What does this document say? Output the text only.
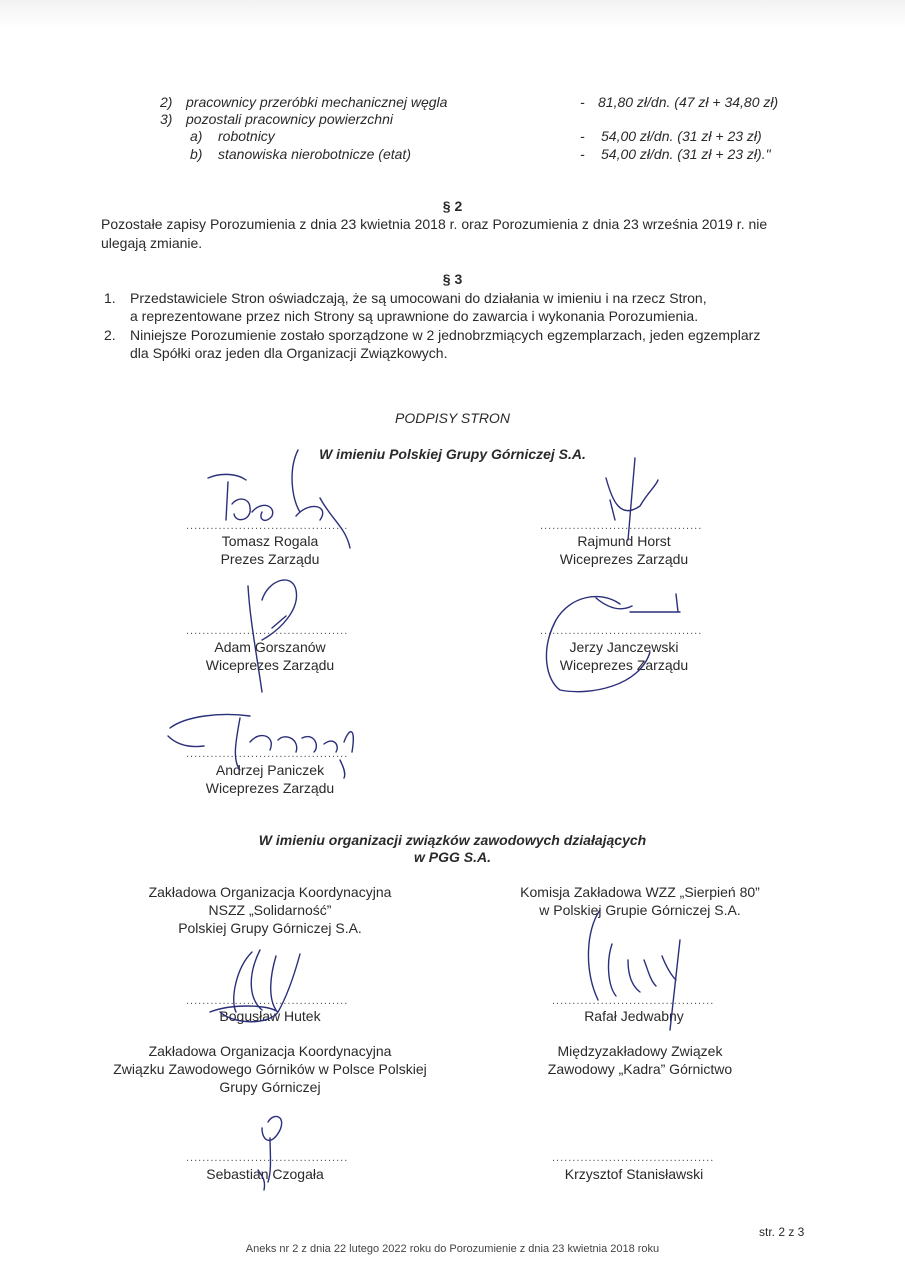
2) pracownicy przeróbki mechanicznej węgla	- 81,80 zł/dn. (47 zł + 34,80 zł)
3) pozostali pracownicy powierzchni
a) robotnicy	- 54,00 zł/dn. (31 zł + 23 zł)
b) stanowiska nierobotnicze (etat)	- 54,00 zł/dn. (31 zł + 23 zł)."
§ 2
Pozostałe zapisy Porozumienia z dnia 23 kwietnia 2018 r. oraz Porozumienia z dnia 23 września 2019 r. nie
ulegają zmianie.
§ 3
1. Przedstawiciele Stron oświadczają, że są umocowani do działania w imieniu i na rzecz Stron,
a reprezentowane przez nich Strony są uprawnione do zawarcia i wykonania Porozumienia.
2. Niniejsze Porozumienie zostało sporządzone w 2 jednobrzmiących egzemplarzach, jeden egzemplarz
dla Spółki oraz jeden dla Organizacji Związkowych.
PODPISY STRON
W imieniu Polskiej Grupy Górniczej S.A.
........................................
Tomasz Rogala
Prezes Zarządu
........................................
Rajmund Horst
Wiceprezes Zarządu
........................................
Adam Gorszanów
Wiceprezes Zarządu
........................................
Jerzy Janczewski
Wiceprezes Zarządu
........................................
Andrzej Paniczek
Wiceprezes Zarządu
W imieniu organizacji związków zawodowych działających
w PGG S.A.
Zakładowa Organizacja Koordynacyjna
NSZZ „Solidarność”
Polskiej Grupy Górniczej S.A.
........................................
Bogusław Hutek
Komisja Zakładowa WZZ „Sierpień 80”
w Polskiej Grupie Górniczej S.A.
........................................
Rafał Jedwabny
Zakładowa Organizacja Koordynacyjna
Związku Zawodowego Górników w Polsce Polskiej
Grupy Górniczej
........................................
Sebastian Czogała
Międzyzakładowy Związek
Zawodowy „Kadra” Górnictwo
........................................
Krzysztof Stanisławski
str. 2 z 3
Aneks nr 2 z dnia 22 lutego 2022 roku do Porozumienie z dnia 23 kwietnia 2018 roku
